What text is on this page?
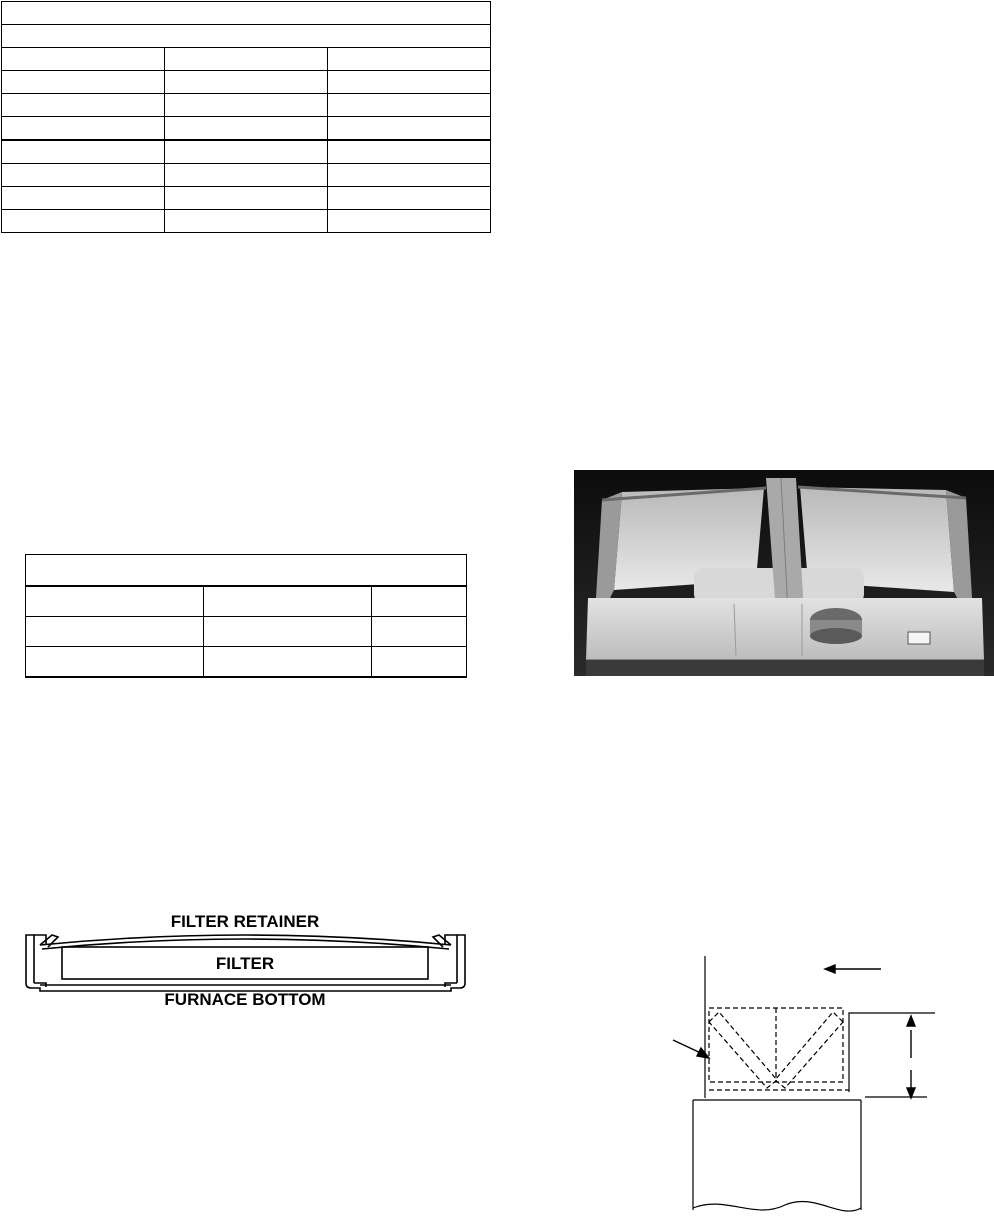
FILTER RETAINER
FILTER
FURNACE BOTTOM
